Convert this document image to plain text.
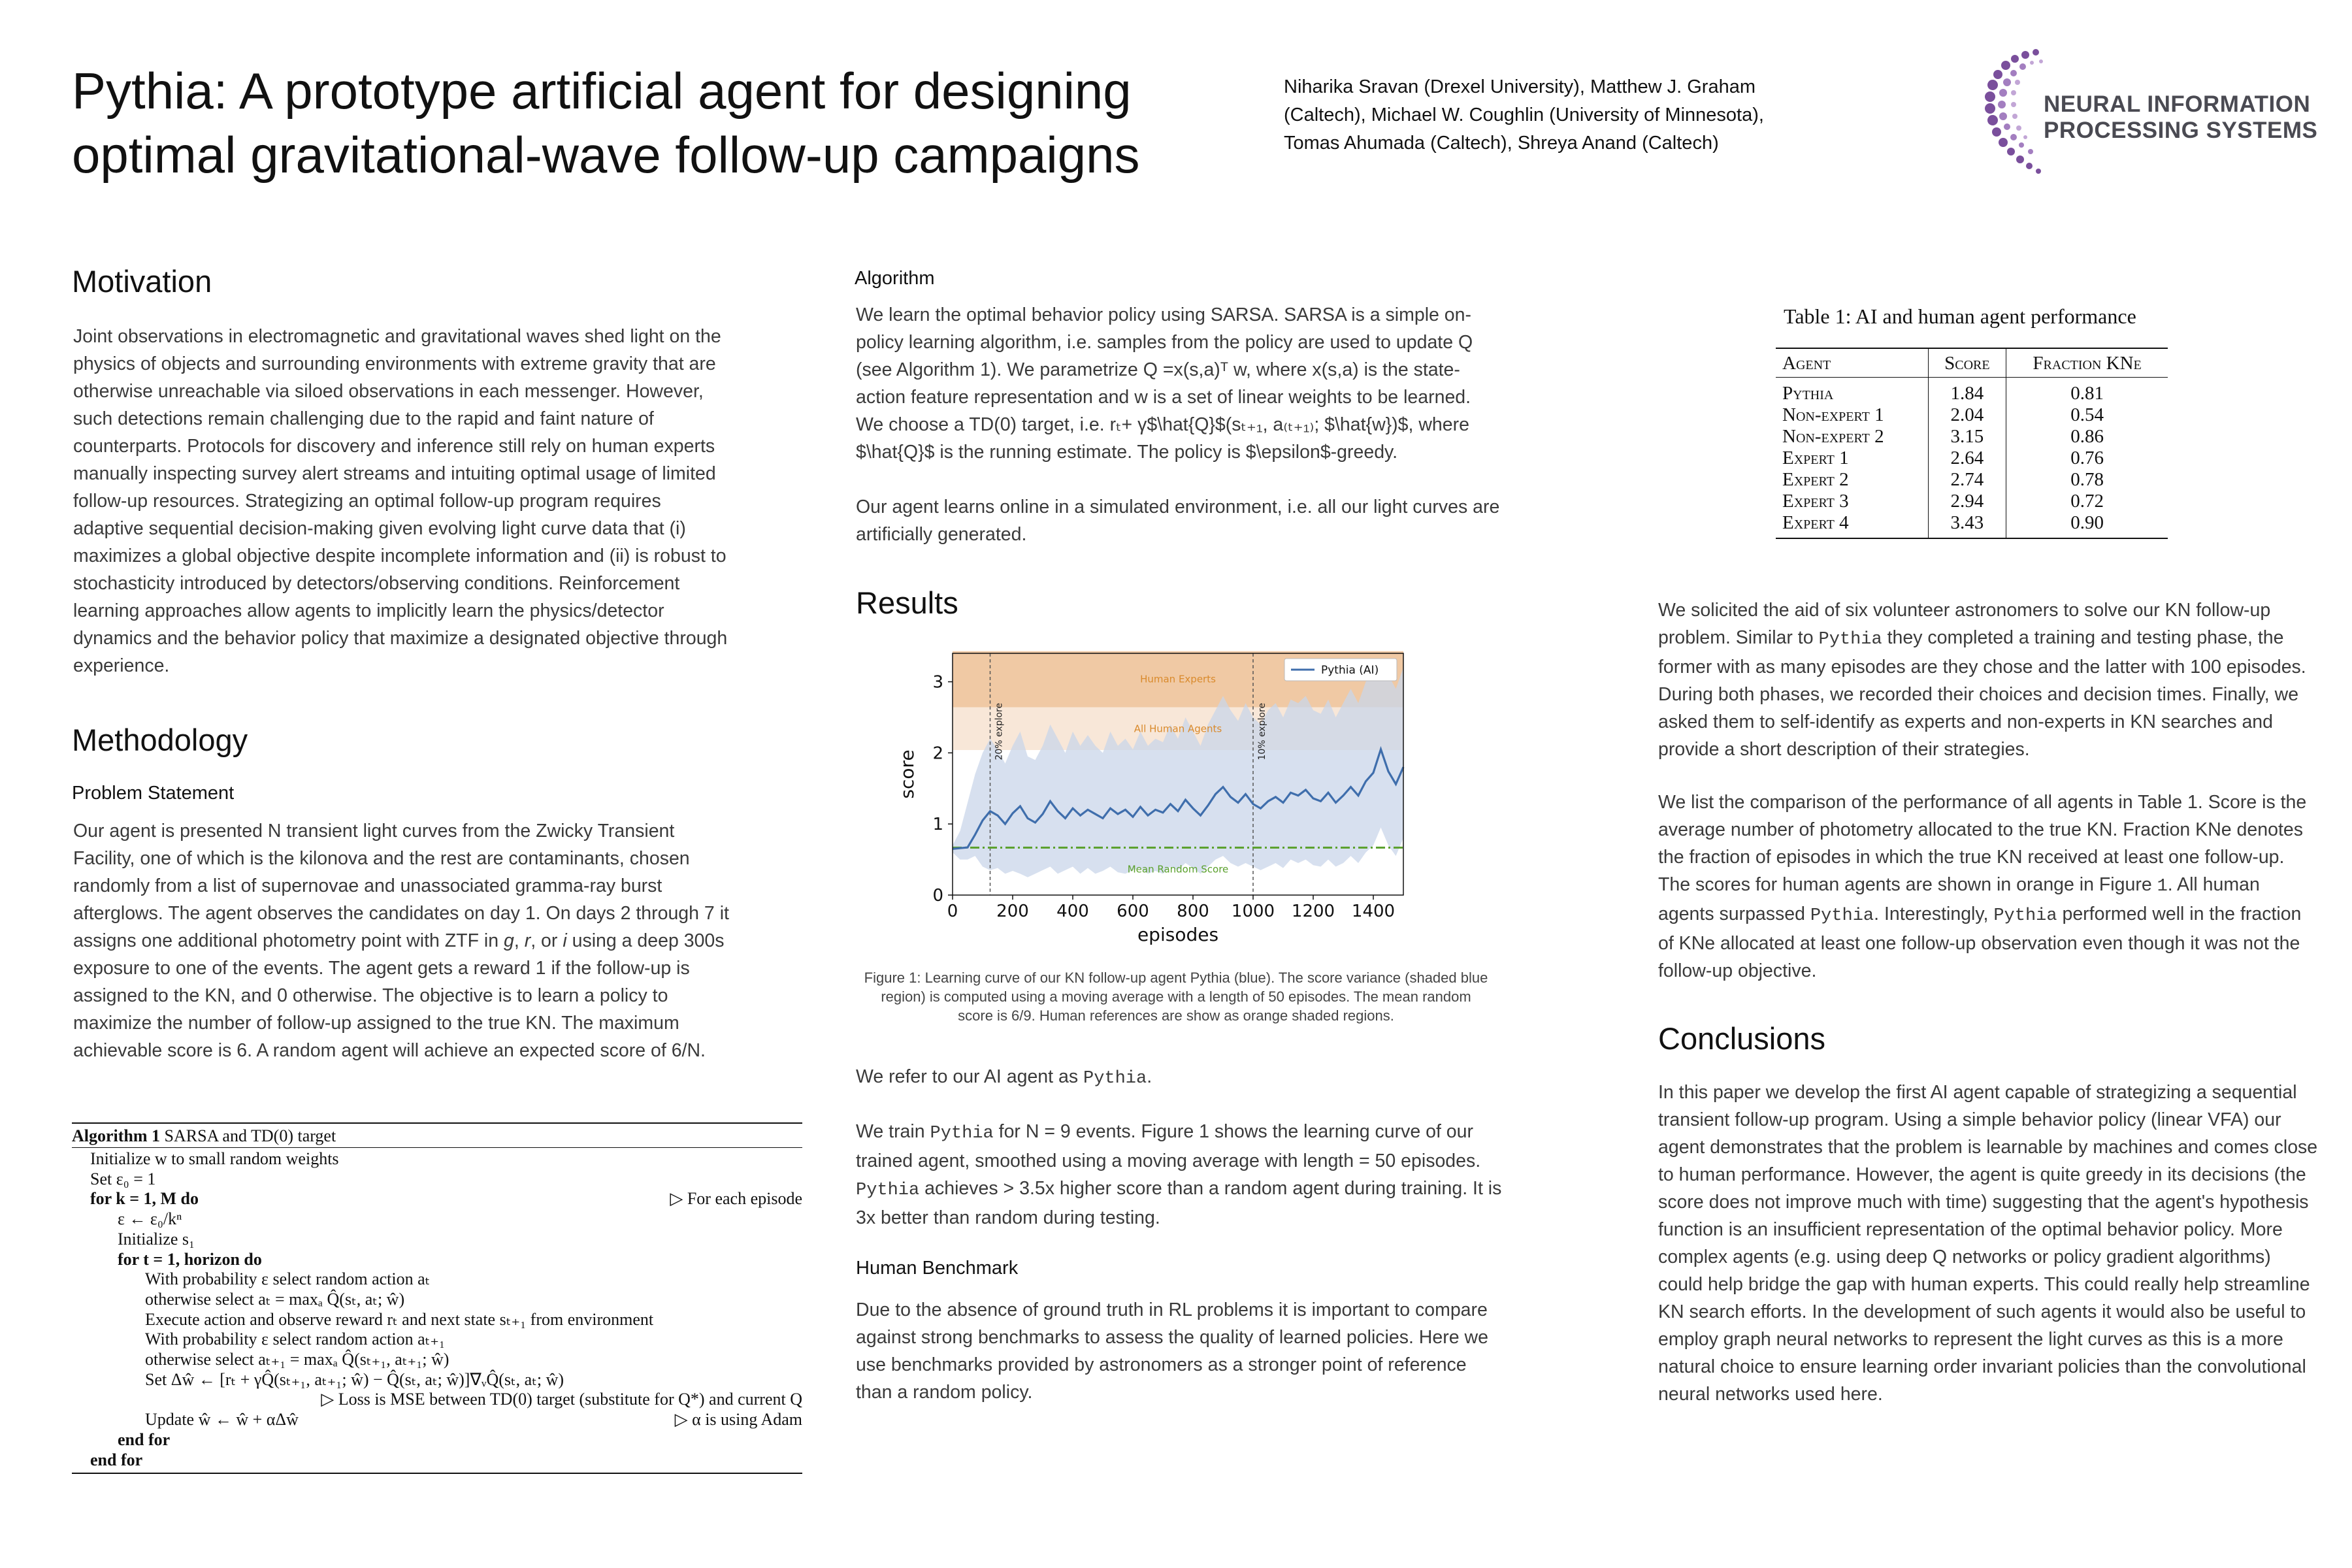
Pythia: A prototype artificial agent for designing
optimal gravitational-wave follow-up campaigns
Niharika Sravan (Drexel University), Matthew J. Graham
(Caltech), Michael W. Coughlin (University of Minnesota),
Tomas Ahumada (Caltech), Shreya Anand (Caltech)
NEURAL INFORMATION
PROCESSING SYSTEMS
Motivation

Joint observations in electromagnetic and gravitational waves shed light on the physics of objects and surrounding environments with extreme gravity that are otherwise unreachable via siloed observations in each messenger. However, such detections remain challenging due to the rapid and faint nature of counterparts. Protocols for discovery and inference still rely on human experts manually inspecting survey alert streams and intuiting optimal usage of limited follow-up resources. Strategizing an optimal follow-up program requires adaptive sequential decision-making given evolving light curve data that (i) maximizes a global objective despite incomplete information and (ii) is robust to stochasticity introduced by detectors/observing conditions. Reinforcement learning approaches allow agents to implicitly learn the physics/detector dynamics and the behavior policy that maximize a designated objective through experience.

Methodology
Problem Statement

Our agent is presented N transient light curves from the Zwicky Transient Facility, one of which is the kilonova and the rest are contaminants, chosen randomly from a list of supernovae and unassociated gramma-ray burst afterglows. The agent observes the candidates on day 1. On days 2 through 7 it assigns one additional photometry point with ZTF in g, r, or i using a deep 300s exposure to one of the events. The agent gets a reward 1 if the follow-up is assigned to the KN, and 0 otherwise. The objective is to learn a policy to maximize the number of follow-up assigned to the true KN. The maximum achievable score is 6. A random agent will achieve an expected score of 6/N.

Algorithm 1 SARSA and TD(0) target
Initialize w to small random weights
Set ε₀ = 1
for k = 1, M do	▷ For each episode
ε ← ε₀/kⁿ
Initialize s₁
for t = 1, horizon do
With probability ε select random action aₜ
otherwise select aₜ = maxₐ Q̂(sₜ, aₜ; ŵ)
Execute action and observe reward rₜ and next state sₜ₊₁ from environment
With probability ε select random action aₜ₊₁
otherwise select aₜ₊₁ = maxₐ Q̂(sₜ₊₁, aₜ₊₁; ŵ)
Set Δŵ ← [rₜ + γQ̂(sₜ₊₁, aₜ₊₁; ŵ) − Q̂(sₜ, aₜ; ŵ)]∇ᵥQ̂(sₜ, aₜ; ŵ)
▷ Loss is MSE between TD(0) target (substitute for Q*) and current Q
Update ŵ ← ŵ + αΔŵ	▷ α is using Adam
end for
end for
Algorithm

We learn the optimal behavior policy using SARSA. SARSA is a simple on-policy learning algorithm, i.e. samples from the policy are used to update Q (see Algorithm 1). We parametrize Q =x(s,a)ᵀ w, where x(s,a) is the state-action feature representation and w is a set of linear weights to be learned. We choose a TD(0) target, i.e. rₜ+ γ$\hat{Q}$(sₜ₊₁, a₍ₜ₊₁₎; $\hat{w})$, where $\hat{Q}$ is the running estimate. The policy is $\epsilon$-greedy.

Our agent learns online in a simulated environment, i.e. all our light curves are artificially generated.

Results
Human Experts
All Human Agents
20% explore	10% explore
Mean Random Score
0 200 400 600 800 1000 1200 1400
0
1
2
3
episodes
score
Pythia (AI)
Figure 1: Learning curve of our KN follow-up agent Pythia (blue). The score variance (shaded blue region) is computed using a moving average with a length of 50 episodes. The mean random score is 6/9. Human references are show as orange shaded regions.

We refer to our AI agent as Pythia.

We train Pythia for N = 9 events. Figure 1 shows the learning curve of our trained agent, smoothed using a moving average with length = 50 episodes. Pythia achieves > 3.5x higher score than a random agent during training. It is 3x better than random during testing.

Human Benchmark

Due to the absence of ground truth in RL problems it is important to compare against strong benchmarks to assess the quality of learned policies. Here we use benchmarks provided by astronomers as a stronger point of reference than a random policy.

Table 1: AI and human agent performance
Agent	Score	Fraction KNe
Pythia	1.84	0.81
Non-expert 1	2.04	0.54
Non-expert 2	3.15	0.86
Expert 1	2.64	0.76
Expert 2	2.74	0.78
Expert 3	2.94	0.72
Expert 4	3.43	0.90

We solicited the aid of six volunteer astronomers to solve our KN follow-up problem. Similar to Pythia they completed a training and testing phase, the former with as many episodes are they chose and the latter with 100 episodes. During both phases, we recorded their choices and decision times. Finally, we asked them to self-identify as experts and non-experts in KN searches and provide a short description of their strategies.

We list the comparison of the performance of all agents in Table 1. Score is the average number of photometry allocated to the true KN. Fraction KNe denotes the fraction of episodes in which the true KN received at least one follow-up. The scores for human agents are shown in orange in Figure 1. All human agents surpassed Pythia. Interestingly, Pythia performed well in the fraction of KNe allocated at least one follow-up observation even though it was not the follow-up objective.

Conclusions

In this paper we develop the first AI agent capable of strategizing a sequential transient follow-up program. Using a simple behavior policy (linear VFA) our agent demonstrates that the problem is learnable by machines and comes close to human performance. However, the agent is quite greedy in its decisions (the score does not improve much with time) suggesting that the agent's hypothesis function is an insufficient representation of the optimal behavior policy. More complex agents (e.g. using deep Q networks or policy gradient algorithms) could help bridge the gap with human experts. This could really help streamline KN search efforts. In the development of such agents it would also be useful to employ graph neural networks to represent the light curves as this is a more natural choice to ensure learning order invariant policies than the convolutional neural networks used here.
